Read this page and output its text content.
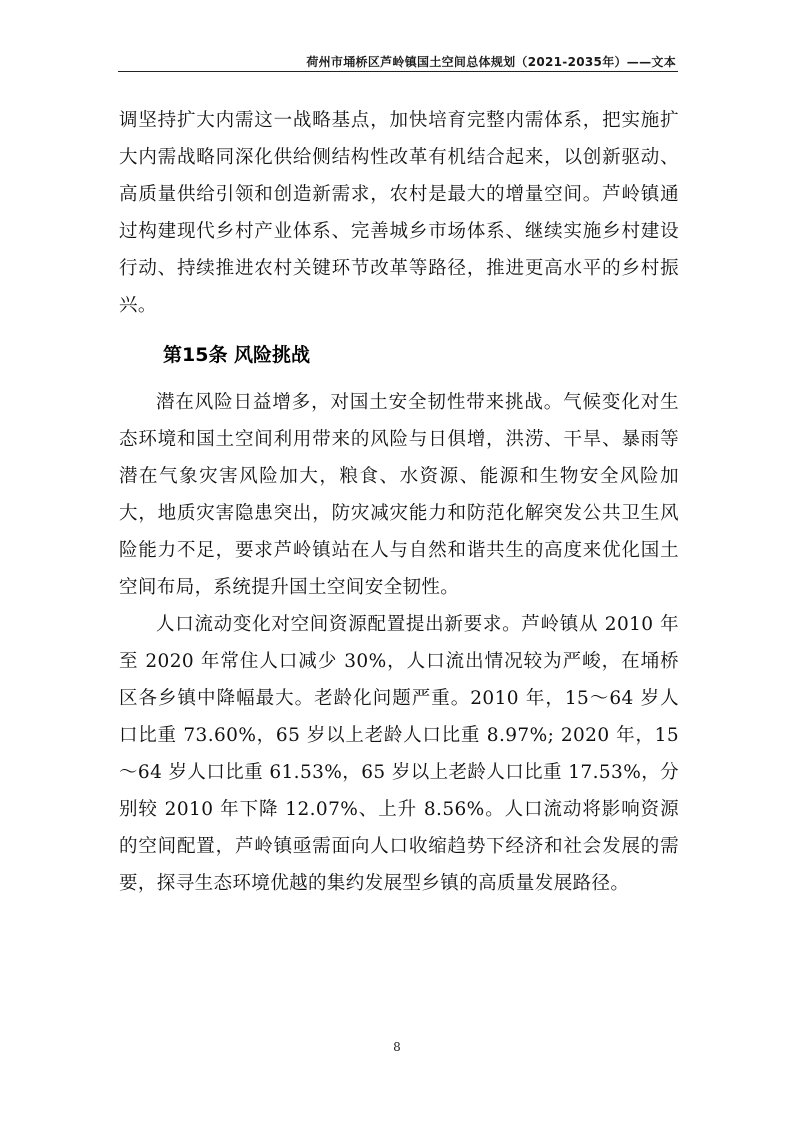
荷州市埇桥区芦岭镇国土空间总体规划（2021-2035年）——文本

调坚持扩大内需这一战略基点，加快培育完整内需体系，把实施扩大内需战略同深化供给侧结构性改革有机结合起来，以创新驱动、高质量供给引领和创造新需求，农村是最大的增量空间。芦岭镇通过构建现代乡村产业体系、完善城乡市场体系、继续实施乡村建设行动、持续推进农村关键环节改革等路径，推进更高水平的乡村振兴。

第15条 风险挑战

潜在风险日益增多，对国土安全韧性带来挑战。气候变化对生态环境和国土空间利用带来的风险与日俱增，洪涝、干旱、暴雨等潜在气象灾害风险加大，粮食、水资源、能源和生物安全风险加大，地质灾害隐患突出，防灾减灾能力和防范化解突发公共卫生风险能力不足，要求芦岭镇站在人与自然和谐共生的高度来优化国土空间布局，系统提升国土空间安全韧性。

人口流动变化对空间资源配置提出新要求。芦岭镇从 2010 年至 2020 年常住人口减少 30%，人口流出情况较为严峻，在埇桥区各乡镇中降幅最大。老龄化问题严重。2010 年，15～64 岁人口比重 73.60%，65 岁以上老龄人口比重 8.97%; 2020 年，15～64 岁人口比重 61.53%，65 岁以上老龄人口比重 17.53%，分别较 2010 年下降 12.07%、上升 8.56%。人口流动将影响资源的空间配置，芦岭镇亟需面向人口收缩趋势下经济和社会发展的需要，探寻生态环境优越的集约发展型乡镇的高质量发展路径。

8
